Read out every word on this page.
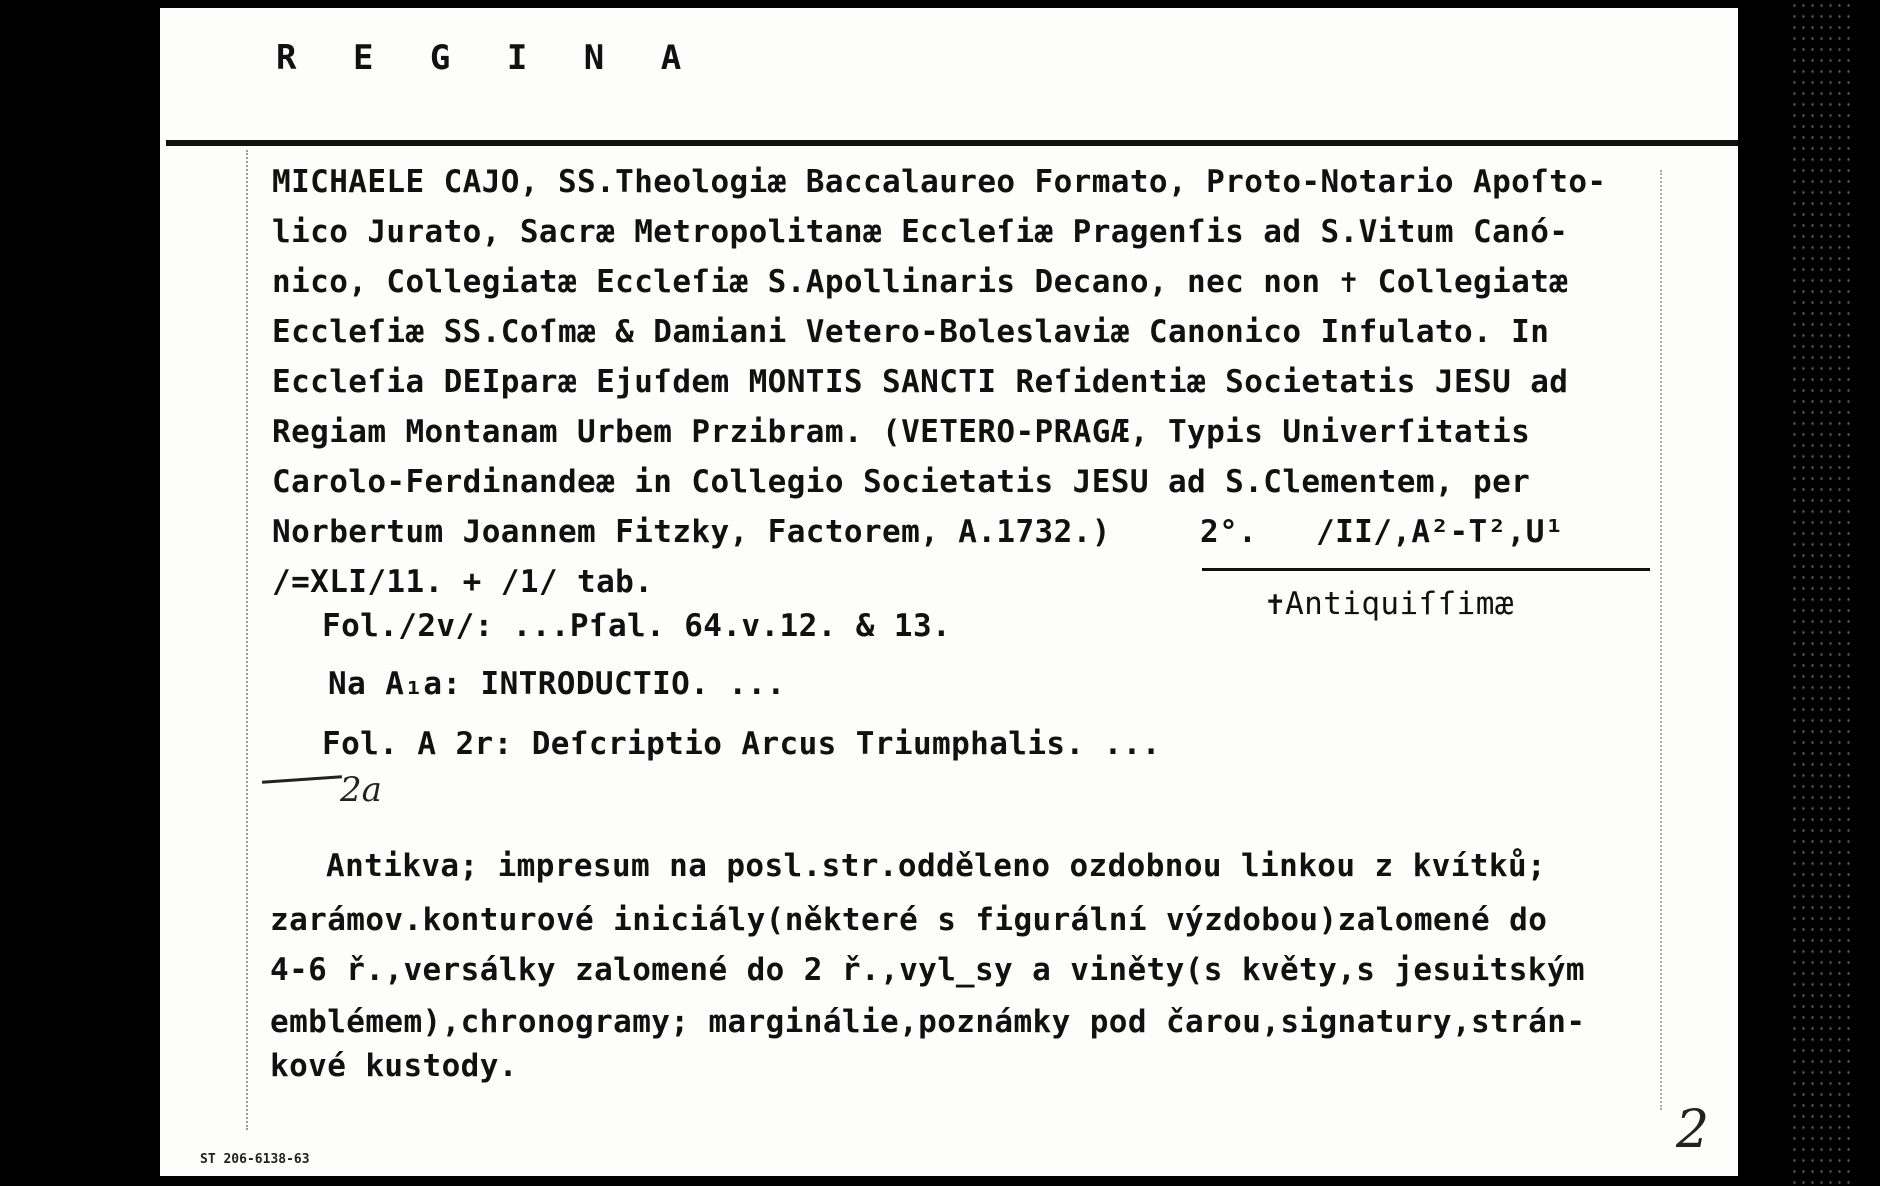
R E G I N A
MICHAELE CAJO, SS.Theologiæ Baccalaureo Formato, Proto-Notario Apoſto-
lico Jurato, Sacræ Metropolitanæ Eccleſiæ Pragenſis ad S.Vitum Canó-
nico, Collegiatæ Eccleſiæ S.Apollinaris Decano, nec non ✝ Collegiatæ
Eccleſiæ SS.Coſmæ & Damiani Vetero-Boleslaviæ Canonico Infulato. In
Eccleſia DEIparæ Ejuſdem MONTIS SANCTI Reſidentiæ Societatis JESU ad
Regiam Montanam Urbem Przibram. (VETERO-PRAGÆ, Typis Univerſitatis
Carolo-Ferdinandeæ in Collegio Societatis JESU ad S.Clementem, per
Norbertum Joannem Fitzky, Factorem, A.1732.)	2°. /II/,A²-T²,U¹
✝Antiquiſſimæ
/=XLI/11. + /1/ tab.
Fol./2v/: ...Pſal. 64.v.12. & 13.
Na A₁a: INTRODUCTIO. ...
Fol. A 2r: Deſcriptio Arcus Triumphalis. ...
2a
Antikva; impresum na posl.str.odděleno ozdobnou linkou z kvítků;
zarámov.konturové iniciály(některé s figurální výzdobou)zalomené do
4-6 ř.,versálky zalomené do 2 ř.,vyl̲sy a viněty(s květy,s jesuitským
emblémem),chronogramy; marginálie,poznámky pod čarou,signatury,strán-
kové kustody.
ST 206-6138-63	2
